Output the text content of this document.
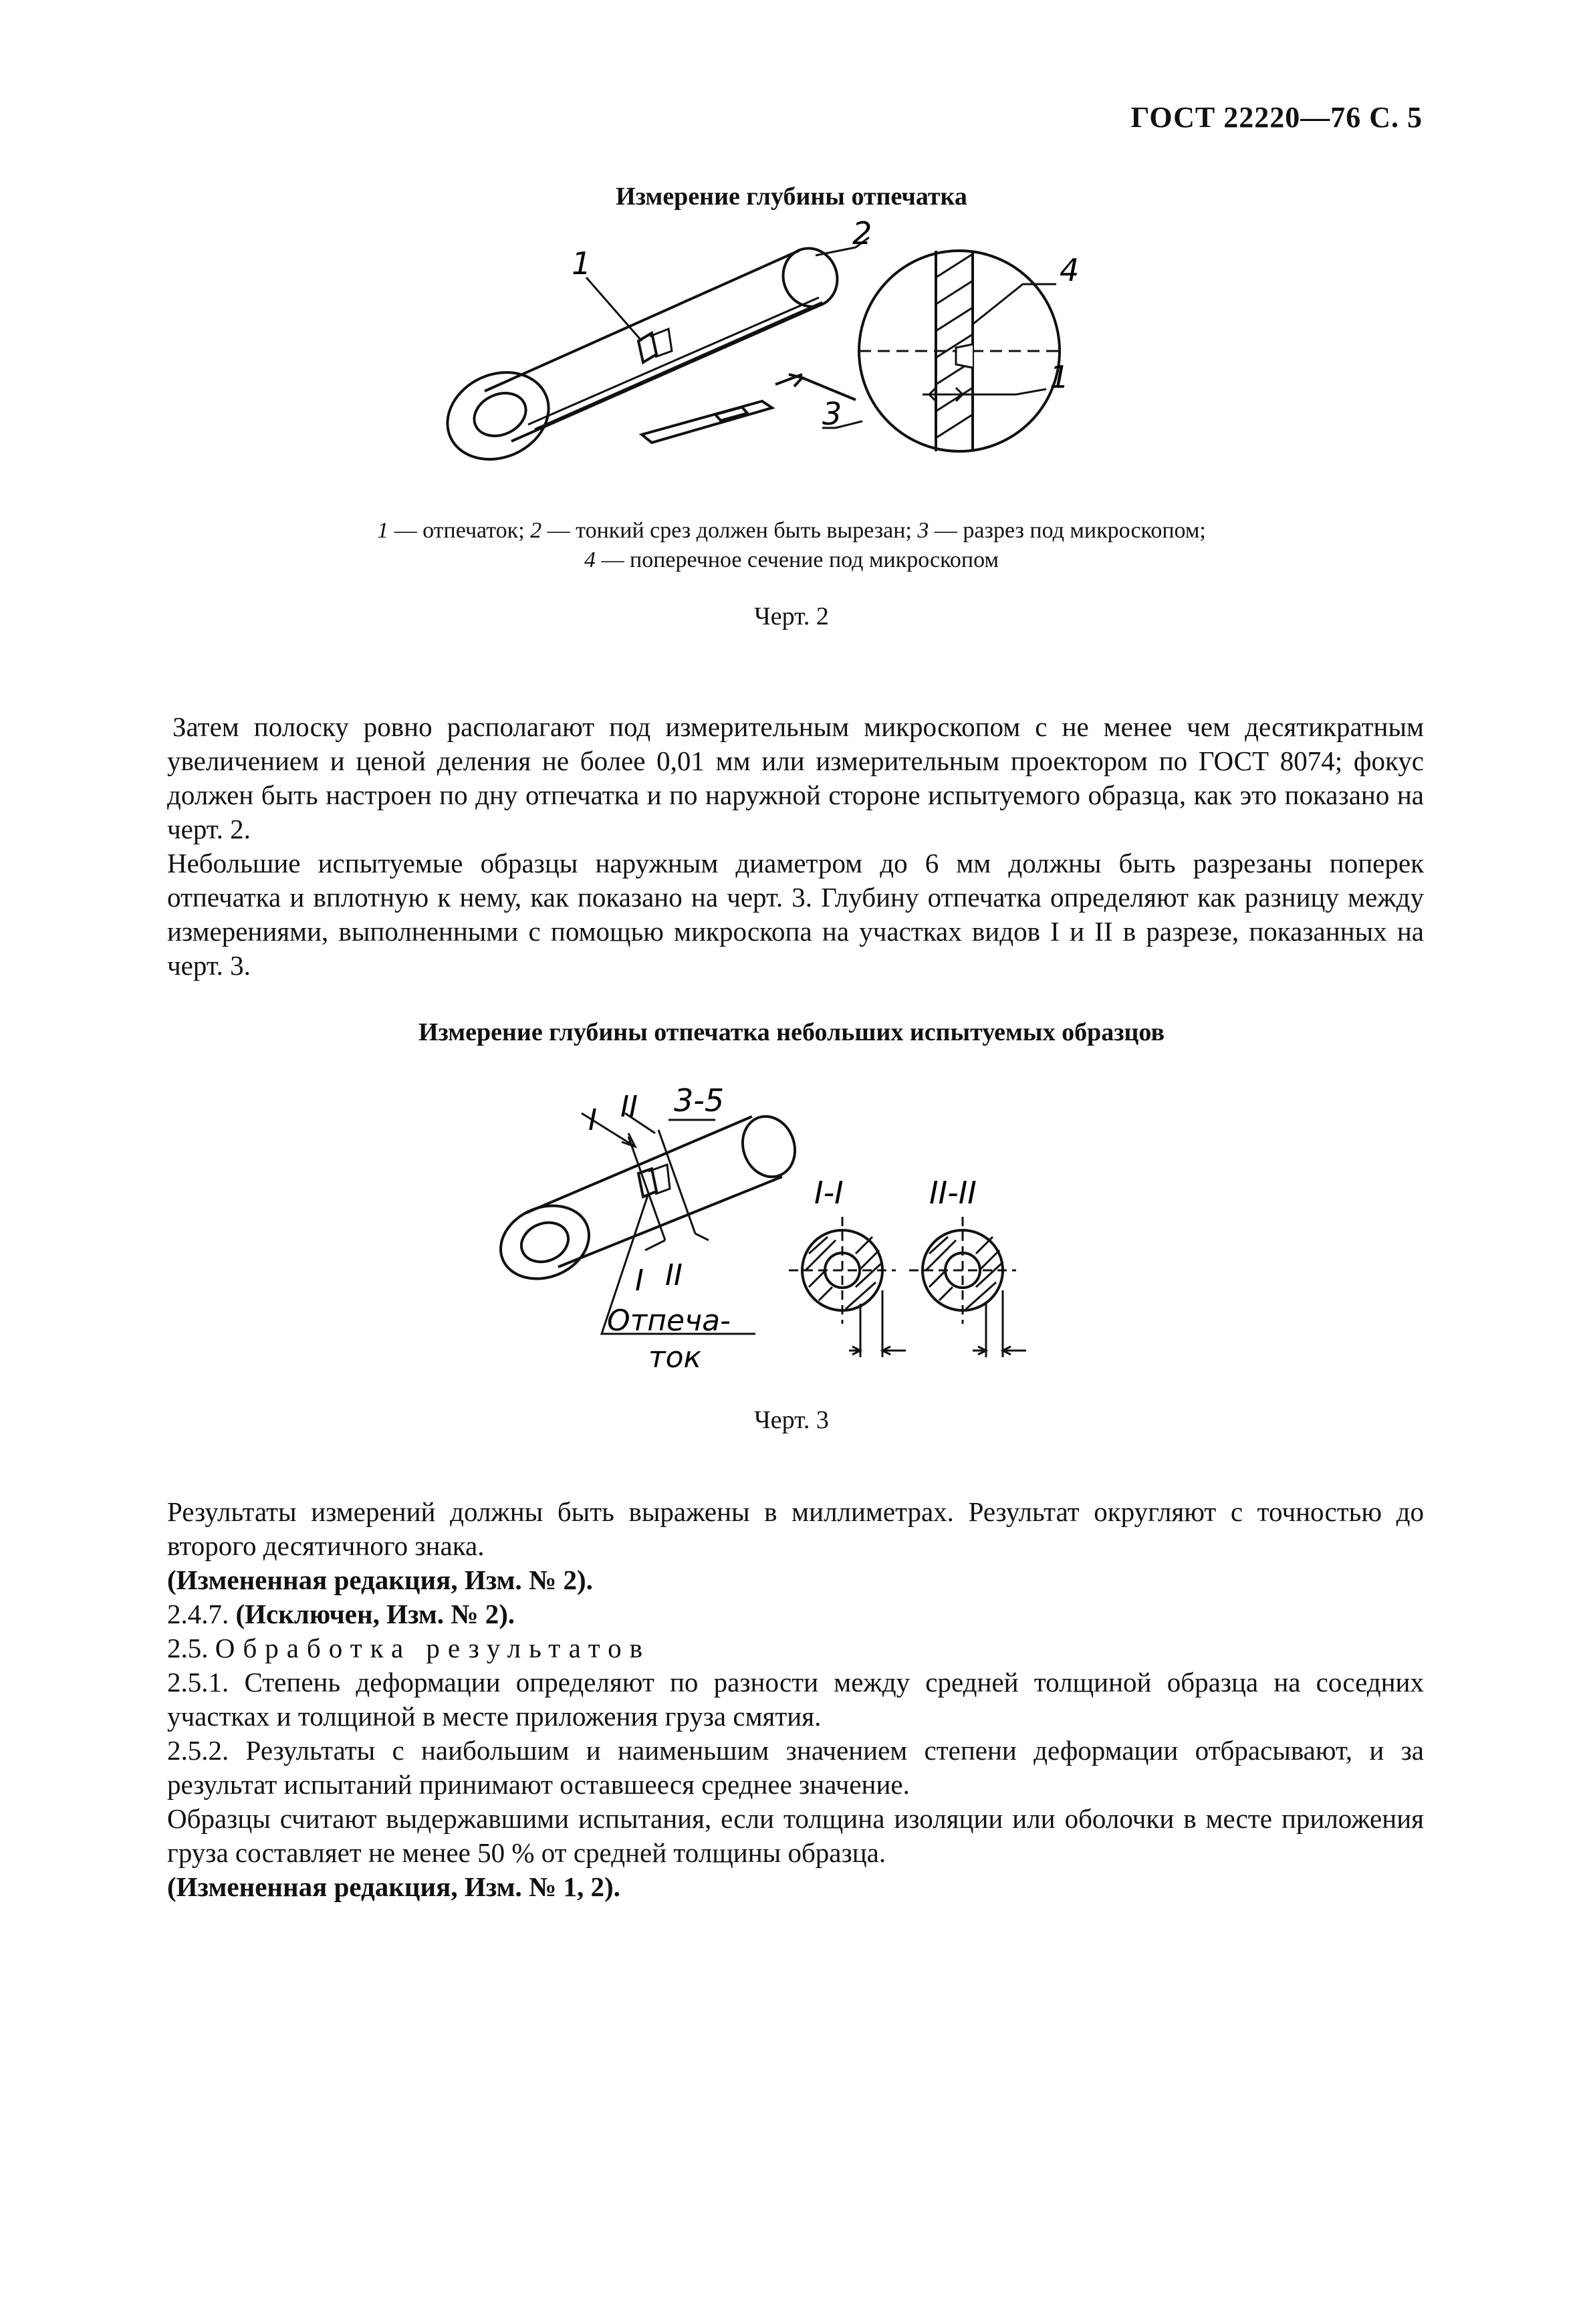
ГОСТ 22220—76 С. 5
Измерение глубины отпечатка
1
2
3
4
1
1 — отпечаток; 2 — тонкий срез должен быть вырезан; 3 — разрез под микроскопом;
4 — поперечное сечение под микроскопом
Черт. 2

Затем полоску ровно располагают под измерительным микроскопом с не менее чем десятикратным увеличением и ценой деления не более 0,01 мм или измерительным проектором по ГОСТ 8074; фокус должен быть настроен по дну отпечатка и по наружной стороне испытуемого образца, как это показано на черт. 2.

Небольшие испытуемые образцы наружным диаметром до 6 мм должны быть разрезаны поперек отпечатка и вплотную к нему, как показано на черт. 3. Глубину отпечатка определяют как разницу между измерениями, выполненными с помощью микроскопа на участках видов I и II в разрезе, показанных на черт. 3.

Измерение глубины отпечатка небольших испытуемых образцов
I II 3-5
I II
Отпеча-
ток
I-I	II-II
Черт. 3

Результаты измерений должны быть выражены в миллиметрах. Результат округляют с точностью до второго десятичного знака.

(Измененная редакция, Изм. № 2).

2.4.7. (Исключен, Изм. № 2).

2.5. Обработка результатов

2.5.1. Степень деформации определяют по разности между средней толщиной образца на соседних участках и толщиной в месте приложения груза смятия.

2.5.2. Результаты с наибольшим и наименьшим значением степени деформации отбрасывают, и за результат испытаний принимают оставшееся среднее значение.

Образцы считают выдержавшими испытания, если толщина изоляции или оболочки в месте приложения груза составляет не менее 50 % от средней толщины образца.

(Измененная редакция, Изм. № 1, 2).
